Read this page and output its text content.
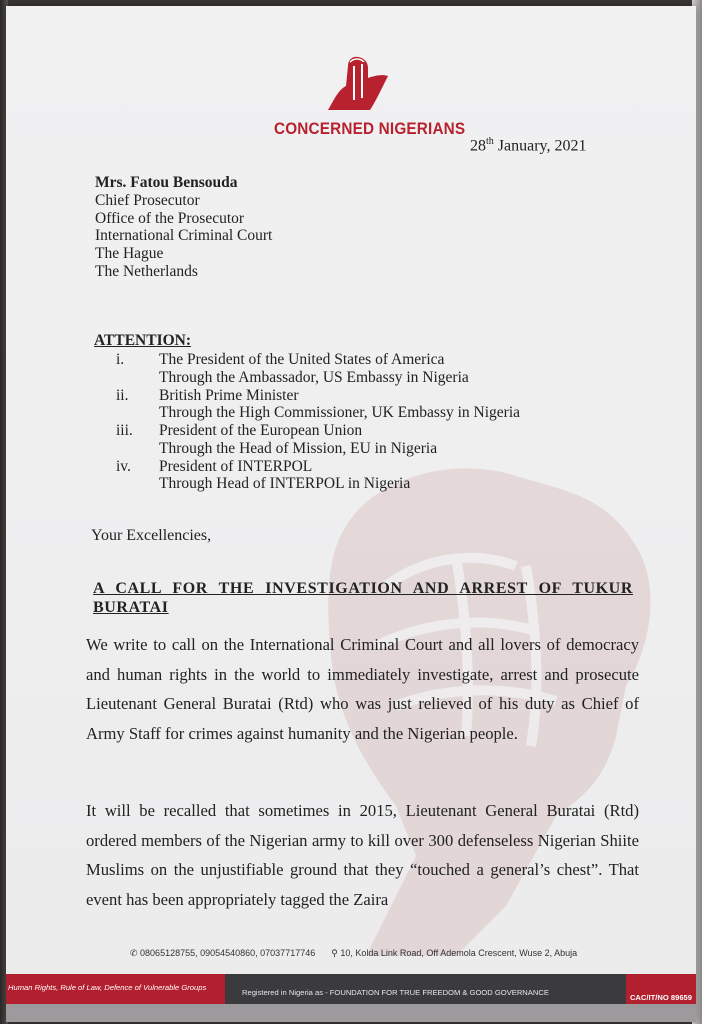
CONCERNED NIGERIANS
28th January, 2021
Mrs. Fatou Bensouda
Chief Prosecutor
Office of the Prosecutor
International Criminal Court
The Hague
The Netherlands
ATTENTION:
i. The President of the United States of America
Through the Ambassador, US Embassy in Nigeria
ii. British Prime Minister
Through the High Commissioner, UK Embassy in Nigeria
iii. President of the European Union
Through the Head of Mission, EU in Nigeria
iv. President of INTERPOL
Through Head of INTERPOL in Nigeria
Your Excellencies,
A CALL FOR THE INVESTIGATION AND ARREST OF TUKUR BURATAI
We write to call on the International Criminal Court and all lovers of democracy and human rights in the world to immediately investigate, arrest and prosecute Lieutenant General Buratai (Rtd) who was just relieved of his duty as Chief of Army Staff for crimes against humanity and the Nigerian people.
It will be recalled that sometimes in 2015, Lieutenant General Buratai (Rtd) ordered members of the Nigerian army to kill over 300 defenseless Nigerian Shiite Muslims on the unjustifiable ground that they “touched a general’s chest”. That event has been appropriately tagged the Zaira
✆ 08065128755, 09054540860, 07037717746 ⚲ 10, Kolda Link Road, Off Ademola Crescent, Wuse 2, Abuja
Human Rights, Rule of Law, Defence of Vulnerable Groups
Registered in Nigeria as - FOUNDATION FOR TRUE FREEDOM & GOOD GOVERNANCE
CAC/IT/NO 89659
